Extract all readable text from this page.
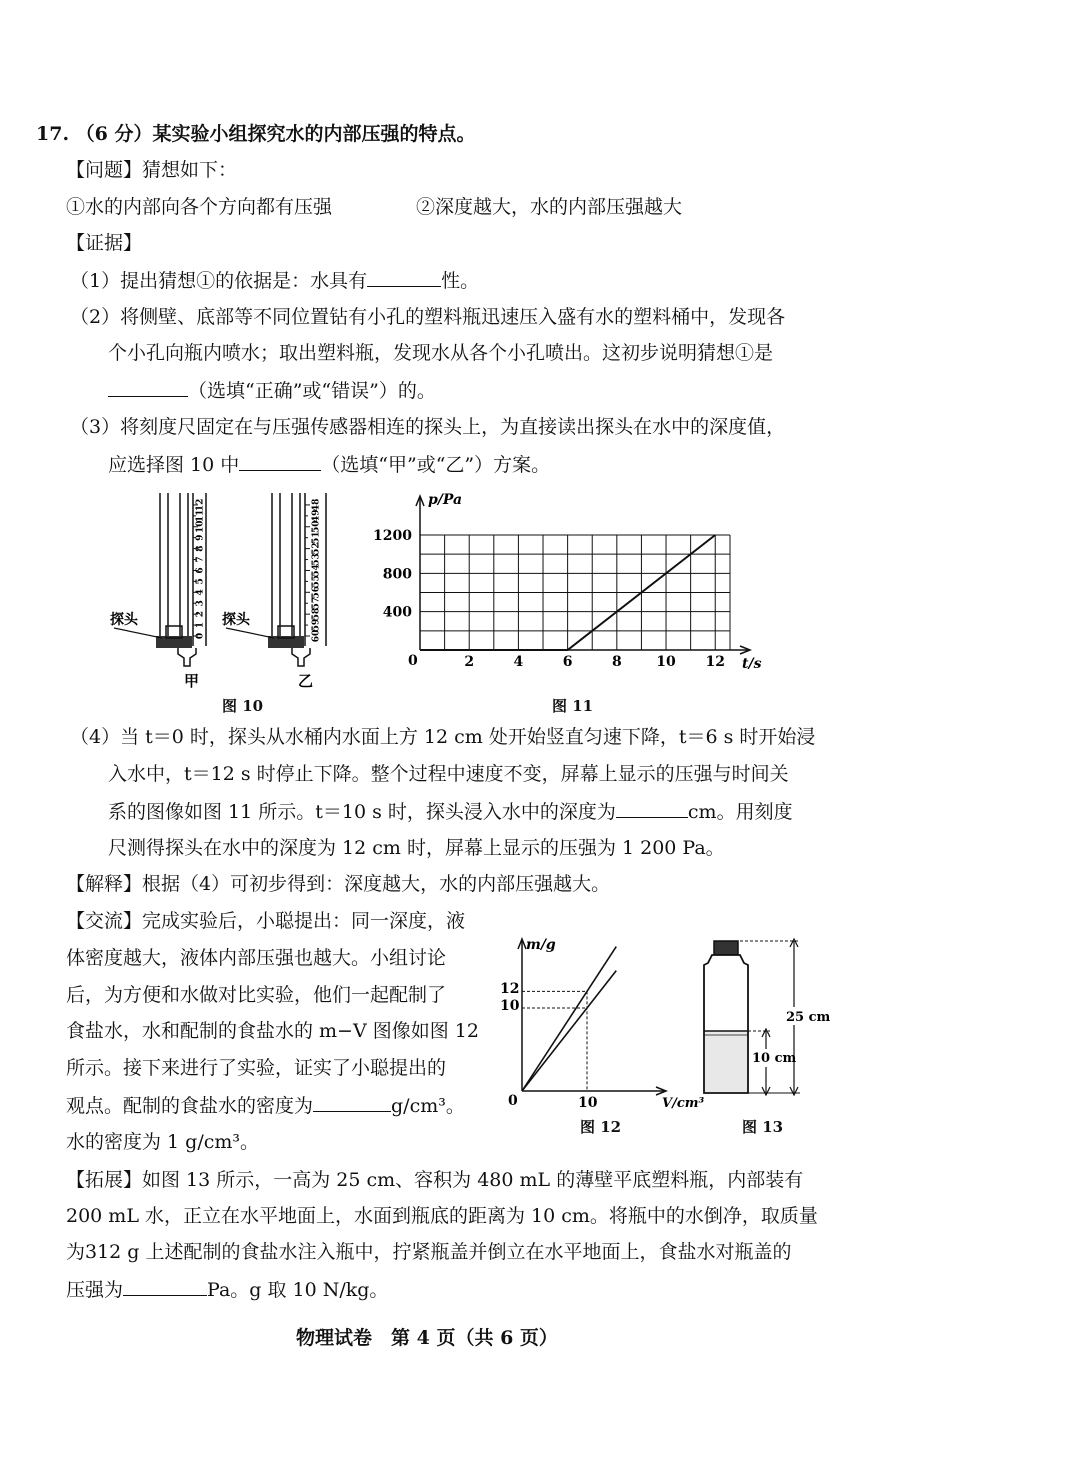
17. （6 分）某实验小组探究水的内部压强的特点。
【问题】猜想如下：
①水的内部向各个方向都有压强	②深度越大，水的内部压强越大
【证据】
（1）提出猜想①的依据是：水具有	性。
（2）将侧壁、底部等不同位置钻有小孔的塑料瓶迅速压入盛有水的塑料桶中，发现各
个小孔向瓶内喷水；取出塑料瓶，发现水从各个小孔喷出。这初步说明猜想①是
（选填“正确”或“错误”）的。
（3）将刻度尺固定在与压强传感器相连的探头上，为直接读出探头在水中的深度值，
应选择图 10 中	（选填“甲”或“乙”）方案。
0
1
2
3
4
5
6
7
8
9
10
11
12
60
59
58
57
56
55
54
53
52
51
50
49
48
探头	探头
甲	乙
图 10
2	4	6	8 10 12
400
800
1200
p/Pa
t/s
0
图 11
（4）当 t＝0 时，探头从水桶内水面上方 12 cm 处开始竖直匀速下降，t＝6 s 时开始浸
入水中，t＝12 s 时停止下降。整个过程中速度不变，屏幕上显示的压强与时间关
系的图像如图 11 所示。t＝10 s 时，探头浸入水中的深度为	cm。用刻度
尺测得探头在水中的深度为 12 cm 时，屏幕上显示的压强为 1 200 Pa。
【解释】根据（4）可初步得到：深度越大，水的内部压强越大。
【交流】完成实验后，小聪提出：同一深度，液
体密度越大，液体内部压强也越大。小组讨论
后，为方便和水做对比实验，他们一起配制了
食盐水，水和配制的食盐水的 m−V 图像如图 12
所示。接下来进行了实验，证实了小聪提出的
观点。配制的食盐水的密度为	g/cm³。
水的密度为 1 g/cm³。
m/g
V/cm³
0
12
10
10
图 12
10 cm
25 cm
图 13
【拓展】如图 13 所示，一高为 25 cm、容积为 480 mL 的薄壁平底塑料瓶，内部装有
200 mL 水，正立在水平地面上，水面到瓶底的距离为 10 cm。将瓶中的水倒净，取质量
为312 g 上述配制的食盐水注入瓶中，拧紧瓶盖并倒立在水平地面上，食盐水对瓶盖的
压强为	Pa。g 取 10 N/kg。
物理试卷　第 4 页（共 6 页）
